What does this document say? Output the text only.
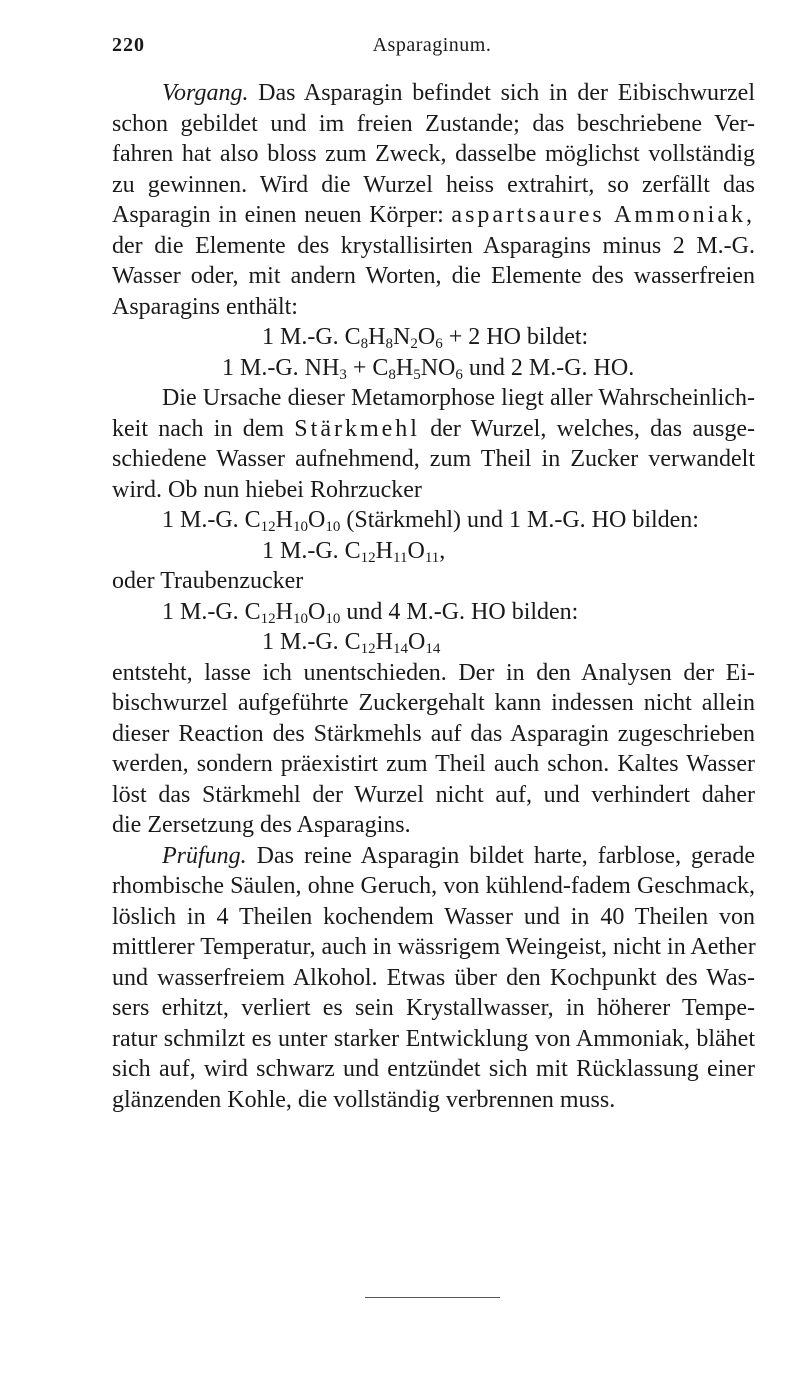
220	Asparaginum.
Vorgang. Das Asparagin befindet sich in der Eibischwurzel
schon gebildet und im freien Zustande; das beschriebene Ver-
fahren hat also bloss zum Zweck, dasselbe möglichst vollständig
zu gewinnen. Wird die Wurzel heiss extrahirt, so zerfällt das
Asparagin in einen neuen Körper: aspartsaures Ammoniak,
der die Elemente des krystallisirten Asparagins minus 2 M.-G.
Wasser oder, mit andern Worten, die Elemente des wasserfreien
Asparagins enthält:
1 M.-G. $C_8H_8N_2O_6 + 2$ HO bildet:
1 M.-G. $NH_3 + C_8H_5NO_6$ und 2 M.-G. HO.
Die Ursache dieser Metamorphose liegt aller Wahrscheinlich-
keit nach in dem Stärkmehl der Wurzel, welches, das ausge-
schiedene Wasser aufnehmend, zum Theil in Zucker verwandelt
wird. Ob nun hiebei Rohrzucker
1 M.-G. $C_{12}H_{10}O_{10}$ (Stärkmehl) und 1 M.-G. HO bilden:
1 M.-G. $C_{12}H_{11}O_{11}$,
oder Traubenzucker
1 M.-G. $C_{12}H_{10}O_{10}$ und 4 M.-G. HO bilden:
1 M.-G. $C_{12}H_{14}O_{14}$
entsteht, lasse ich unentschieden. Der in den Analysen der Ei-
bischwurzel aufgeführte Zuckergehalt kann indessen nicht allein
dieser Reaction des Stärkmehls auf das Asparagin zugeschrieben
werden, sondern präexistirt zum Theil auch schon. Kaltes Wasser
löst das Stärkmehl der Wurzel nicht auf, und verhindert daher
die Zersetzung des Asparagins.
Prüfung. Das reine Asparagin bildet harte, farblose, gerade
rhombische Säulen, ohne Geruch, von kühlend-fadem Geschmack,
löslich in 4 Theilen kochendem Wasser und in 40 Theilen von
mittlerer Temperatur, auch in wässrigem Weingeist, nicht in Aether
und wasserfreiem Alkohol. Etwas über den Kochpunkt des Was-
sers erhitzt, verliert es sein Krystallwasser, in höherer Tempe-
ratur schmilzt es unter starker Entwicklung von Ammoniak, blähet
sich auf, wird schwarz und entzündet sich mit Rücklassung einer
glänzenden Kohle, die vollständig verbrennen muss.
